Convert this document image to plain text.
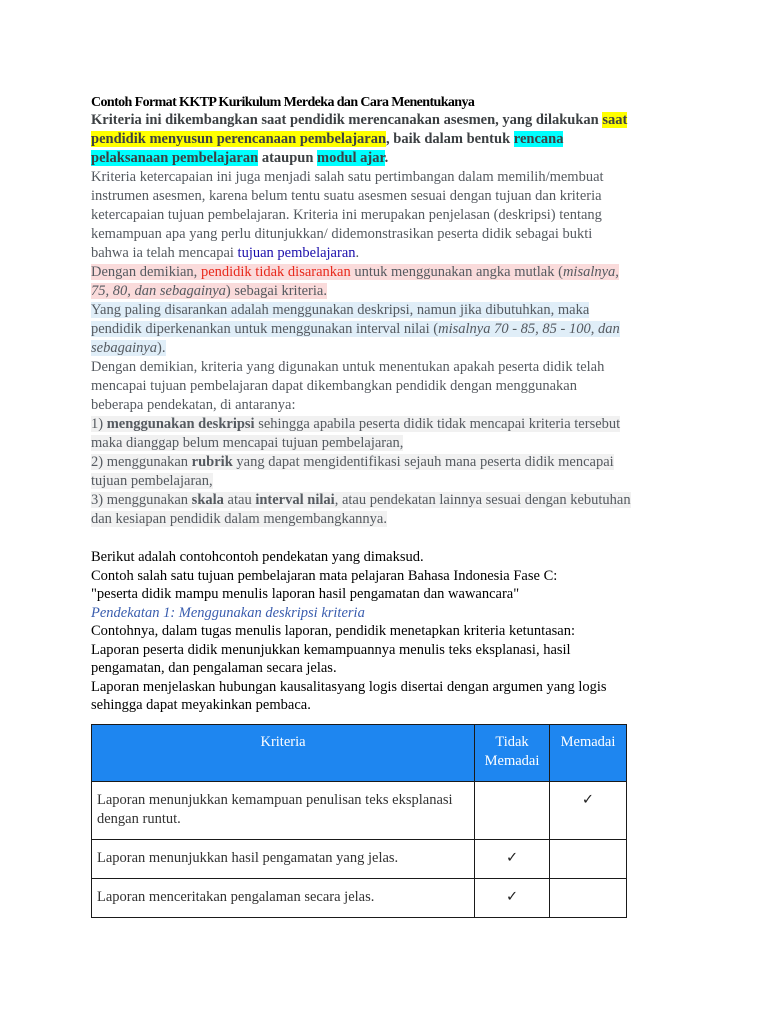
Contoh Format KKTP Kurikulum Merdeka dan Cara Menentukanya

Kriteria ini dikembangkan saat pendidik merencanakan asesmen, yang dilakukan saat pendidik menyusun perencanaan pembelajaran, baik dalam bentuk rencana pelaksanaan pembelajaran ataupun modul ajar.

Kriteria ketercapaian ini juga menjadi salah satu pertimbangan dalam memilih/membuat instrumen asesmen, karena belum tentu suatu asesmen sesuai dengan tujuan dan kriteria ketercapaian tujuan pembelajaran. Kriteria ini merupakan penjelasan (deskripsi) tentang kemampuan apa yang perlu ditunjukkan/ didemonstrasikan peserta didik sebagai bukti bahwa ia telah mencapai tujuan pembelajaran.

Dengan demikian, pendidik tidak disarankan untuk menggunakan angka mutlak (misalnya, 75, 80, dan sebagainya) sebagai kriteria.

Yang paling disarankan adalah menggunakan deskripsi, namun jika dibutuhkan, maka pendidik diperkenankan untuk menggunakan interval nilai (misalnya 70 - 85, 85 - 100, dan sebagainya).

Dengan demikian, kriteria yang digunakan untuk menentukan apakah peserta didik telah mencapai tujuan pembelajaran dapat dikembangkan pendidik dengan menggunakan beberapa pendekatan, di antaranya:

1) menggunakan deskripsi sehingga apabila peserta didik tidak mencapai kriteria tersebut maka dianggap belum mencapai tujuan pembelajaran,
2) menggunakan rubrik yang dapat mengidentifikasi sejauh mana peserta didik mencapai tujuan pembelajaran,
3) menggunakan skala atau interval nilai, atau pendekatan lainnya sesuai dengan kebutuhan dan kesiapan pendidik dalam mengembangkannya.

Berikut adalah contohcontoh pendekatan yang dimaksud.

Contoh salah satu tujuan pembelajaran mata pelajaran Bahasa Indonesia Fase C:

"peserta didik mampu menulis laporan hasil pengamatan dan wawancara"

Pendekatan 1: Menggunakan deskripsi kriteria

Contohnya, dalam tugas menulis laporan, pendidik menetapkan kriteria ketuntasan:

Laporan peserta didik menunjukkan kemampuannya menulis teks eksplanasi, hasil pengamatan, dan pengalaman secara jelas.

Laporan menjelaskan hubungan kausalitasyang logis disertai dengan argumen yang logis sehingga dapat meyakinkan pembaca.

Kriteria	Tidak Memadai	Memadai
Laporan menunjukkan kemampuan penulisan teks eksplanasi dengan runtut.		✓
Laporan menunjukkan hasil pengamatan yang jelas.	✓	
Laporan menceritakan pengalaman secara jelas.	✓	
